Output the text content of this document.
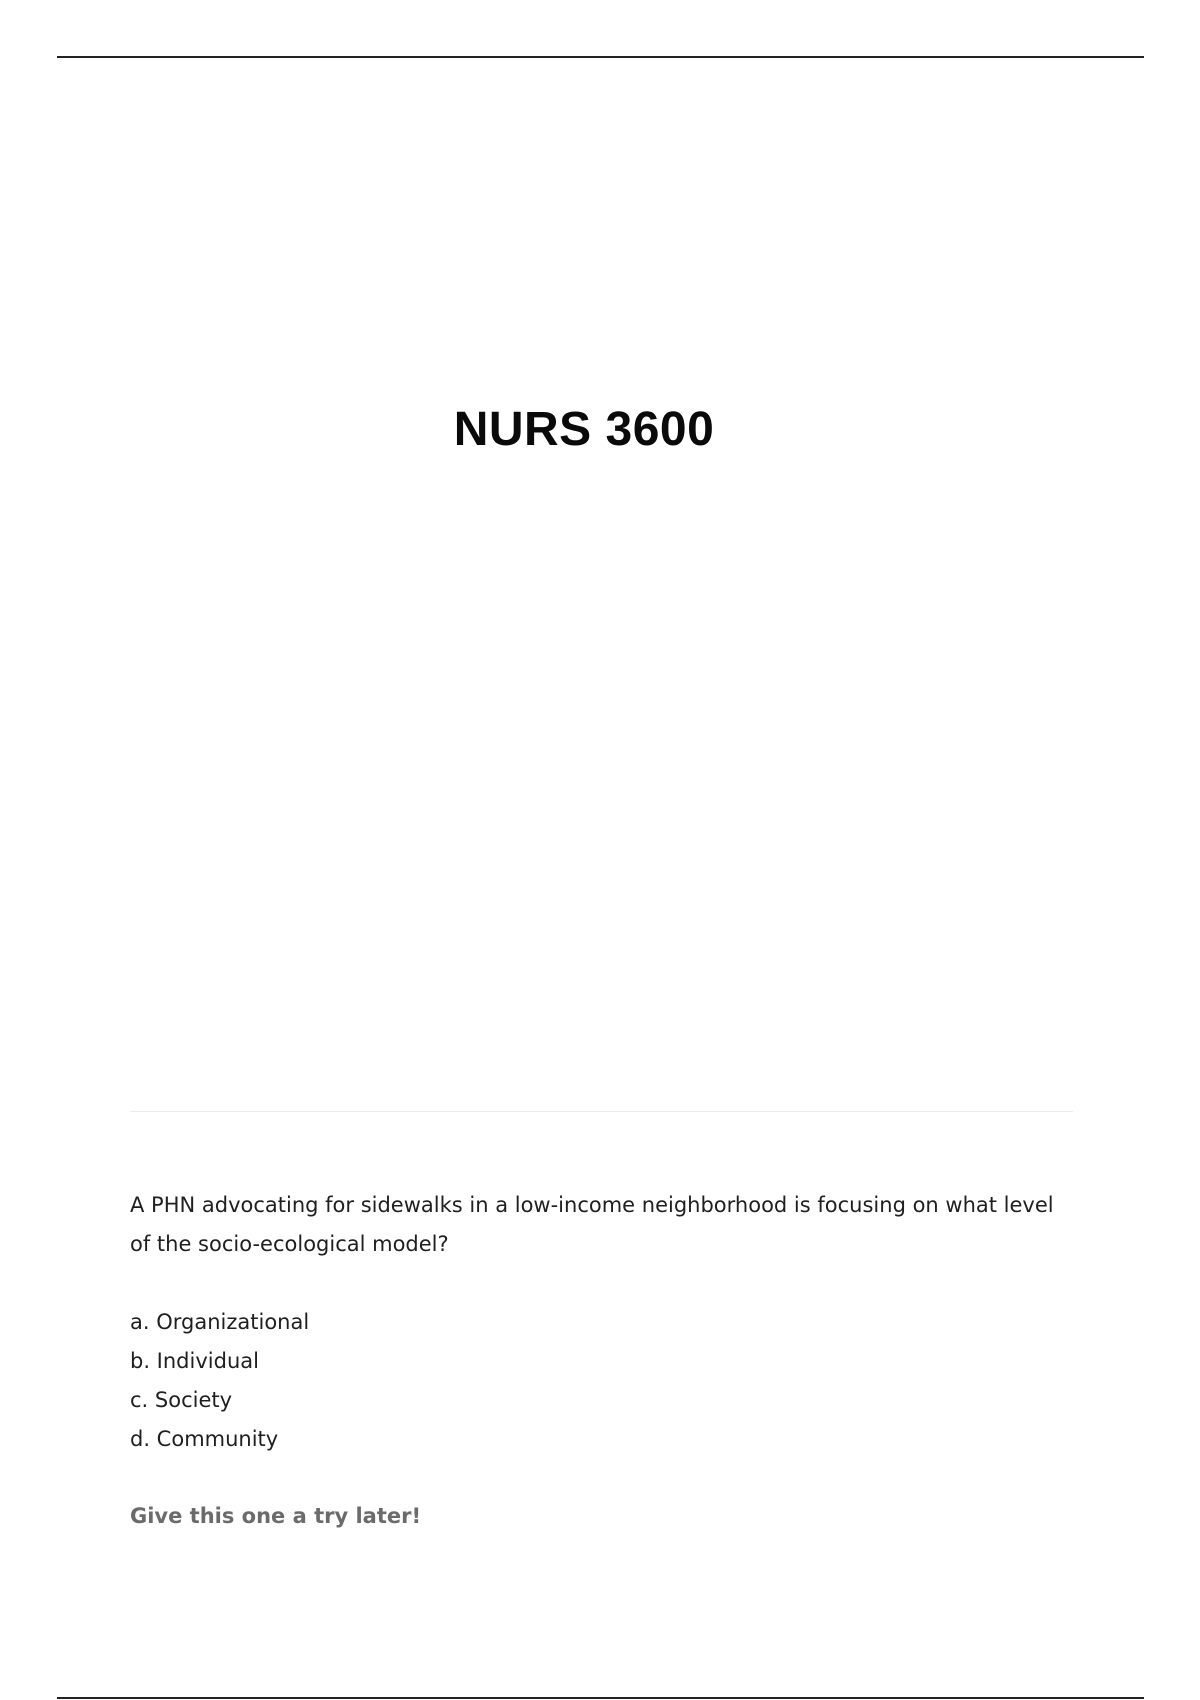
NURS 3600
A PHN advocating for sidewalks in a low-income neighborhood is focusing on what level of the socio-ecological model?
a. Organizational
b. Individual
c. Society
d. Community
Give this one a try later!
